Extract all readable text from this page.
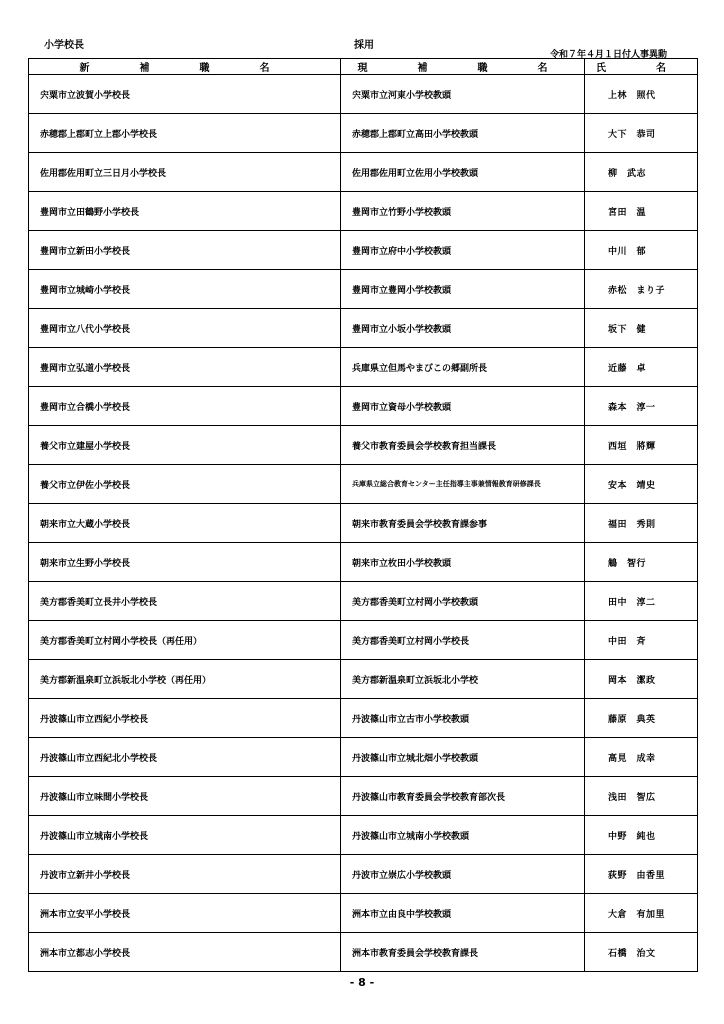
小学校長	採用
令和７年４月１日付人事異動
新　補　職　名	現　補　職　名	氏　名
宍粟市立波賀小学校長	宍粟市立河東小学校教頭	上林　照代
赤穂郡上郡町立上郡小学校長	赤穂郡上郡町立高田小学校教頭	大下　恭司
佐用郡佐用町立三日月小学校長	佐用郡佐用町立佐用小学校教頭	柳　武志
豊岡市立田鶴野小学校長	豊岡市立竹野小学校教頭	宮田　温
豊岡市立新田小学校長	豊岡市立府中小学校教頭	中川　郁
豊岡市立城崎小学校長	豊岡市立豊岡小学校教頭	赤松　まり子
豊岡市立八代小学校長	豊岡市立小坂小学校教頭	坂下　健
豊岡市立弘道小学校長	兵庫県立但馬やまびこの郷副所長	近藤　卓
豊岡市立合橋小学校長	豊岡市立資母小学校教頭	森本　淳一
養父市立建屋小学校長	養父市教育委員会学校教育担当課長	西垣　將輝
養父市立伊佐小学校長	兵庫県立総合教育センター主任指導主事兼情報教育研修課長	安本　靖史
朝来市立大蔵小学校長	朝来市教育委員会学校教育課参事	福田　秀則
朝来市立生野小学校長	朝来市立枚田小学校教頭	鵤　智行
美方郡香美町立長井小学校長	美方郡香美町立村岡小学校教頭	田中　淳二
美方郡香美町立村岡小学校長（再任用）	美方郡香美町立村岡小学校長	中田　斉
美方郡新温泉町立浜坂北小学校（再任用）	美方郡新温泉町立浜坂北小学校	岡本　潔政
丹波篠山市立西紀小学校長	丹波篠山市立古市小学校教頭	藤原　典英
丹波篠山市立西紀北小学校長	丹波篠山市立城北畑小学校教頭	高見　成幸
丹波篠山市立味間小学校長	丹波篠山市教育委員会学校教育部次長	浅田　智広
丹波篠山市立城南小学校長	丹波篠山市立城南小学校教頭	中野　純也
丹波市立新井小学校長	丹波市立崇広小学校教頭	荻野　由香里
洲本市立安平小学校長	洲本市立由良中学校教頭	大倉　有加里
洲本市立都志小学校長	洲本市教育委員会学校教育課長	石橋　治文
- 8 -
